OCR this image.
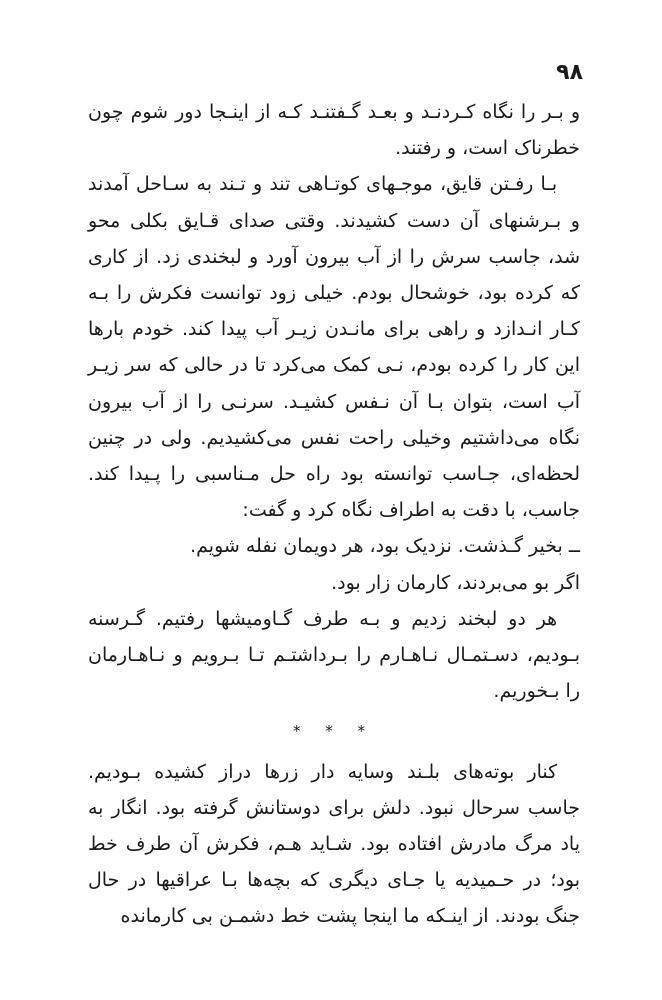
۹۸

و بـر را نگاه کـردنـد و بعـد گـفتنـد کـه از اینـجا دور شوم چون خطرناک است، و رفتند.

بـا رفـتن قایق، موجـهای کوتـاهی تند و تـند به سـاحل آمدند و بـرشنهای آن دست کشیدند. وقتی صدای قـایق بکلی محو شد، جاسب سرش را از آب بیرون آورد و لبخندی زد. از کاری که کرده بود، خوشحال بودم. خیلی زود توانست فکرش را بـه کـار انـدازد و راهی برای مانـدن زیـر آب پیدا کند. خودم بارها این کار را کرده بودم، نـی کمک می‌کرد تا در حالی که سر زیـر آب است، بتوان بـا آن نـفس کشیـد. سرنـی را از آب بیرون نگاه می‌داشتیم وخیلی راحت نفس می‌کشیدیم. ولی در چنین لحظه‌ای، جـاسب توانسته بود راه حل مـناسبی را پـیدا کند. جاسب، با دقت به اطراف نگاه کرد و گفت:

ــ بخیر گـذشت. نزدیک بود، هر دویمان نفله شویم.

اگر بو می‌بردند، کارمان زار بود.

هر دو لبخند زدیم و بـه طرف گـاومیشها رفتیم. گـرسنه بـودیم، دسـتمـال نـاهـارم را بـرداشتـم تـا بـرویم و نـاهـارمان را بـخوریم.

* * *

کنار بوته‌های بلـند وسایه دار زرها دراز کشیده بـودیم. جاسب سرحال نبود. دلش برای دوستانش گرفته بود. انگار به یاد مرگ مادرش افتاده بود. شـاید هـم، فکرش آن طرف خط بود؛ در حـمیدیه یا جـای دیگری که بچه‌ها بـا عراقیها در حال جنگ بودند. از اینـکه ما اینجا پشت خط دشمـن بی کارمانده
